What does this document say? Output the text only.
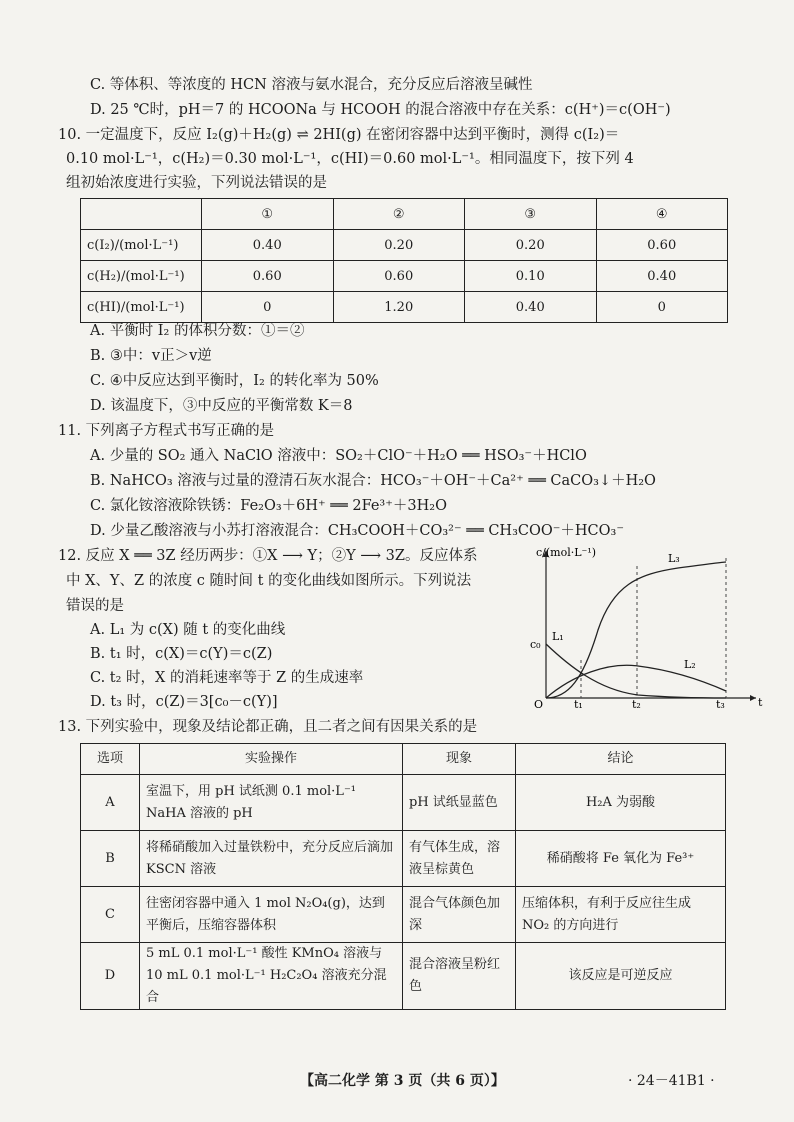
C. 等体积、等浓度的 HCN 溶液与氨水混合，充分反应后溶液呈碱性
D. 25 ℃时，pH＝7 的 HCOONa 与 HCOOH 的混合溶液中存在关系：c(H⁺)＝c(OH⁻)
10. 一定温度下，反应 I₂(g)＋H₂(g) ⇌ 2HI(g) 在密闭容器中达到平衡时，测得 c(I₂)＝
0.10 mol·L⁻¹，c(H₂)＝0.30 mol·L⁻¹，c(HI)＝0.60 mol·L⁻¹。相同温度下，按下列 4
组初始浓度进行实验，下列说法错误的是
	①	②	③	④
c(I₂)/(mol·L⁻¹)	0.40	0.20	0.20	0.60
c(H₂)/(mol·L⁻¹)	0.60	0.60	0.10	0.40
c(HI)/(mol·L⁻¹)	0	1.20	0.40	0
A. 平衡时 I₂ 的体积分数：①＝②
B. ③中：v正＞v逆
C. ④中反应达到平衡时，I₂ 的转化率为 50%
D. 该温度下，③中反应的平衡常数 K＝8
11. 下列离子方程式书写正确的是
A. 少量的 SO₂ 通入 NaClO 溶液中：SO₂＋ClO⁻＋H₂O ══ HSO₃⁻＋HClO
B. NaHCO₃ 溶液与过量的澄清石灰水混合：HCO₃⁻＋OH⁻＋Ca²⁺ ══ CaCO₃↓＋H₂O
C. 氯化铵溶液除铁锈：Fe₂O₃＋6H⁺ ══ 2Fe³⁺＋3H₂O
D. 少量乙酸溶液与小苏打溶液混合：CH₃COOH＋CO₃²⁻ ══ CH₃COO⁻＋HCO₃⁻
12. 反应 X ══ 3Z 经历两步：①X ⟶ Y；②Y ⟶ 3Z。反应体系
中 X、Y、Z 的浓度 c 随时间 t 的变化曲线如图所示。下列说法
错误的是
A. L₁ 为 c(X) 随 t 的变化曲线
B. t₁ 时，c(X)＝c(Y)＝c(Z)
C. t₂ 时，X 的消耗速率等于 Z 的生成速率
D. t₃ 时，c(Z)＝3[c₀－c(Y)]
c/(mol·L⁻¹)
t
O
c₀
t₁	t₂	t₃
L₁
L₂
L₃
13. 下列实验中，现象及结论都正确，且二者之间有因果关系的是
选项	实验操作	现象	结论
A	室温下，用 pH 试纸测 0.1 mol·L⁻¹ NaHA 溶液的 pH	pH 试纸显蓝色	H₂A 为弱酸
B	将稀硝酸加入过量铁粉中，充分反应后滴加 KSCN 溶液	有气体生成，溶液呈棕黄色	稀硝酸将 Fe 氧化为 Fe³⁺
C	往密闭容器中通入 1 mol N₂O₄(g)，达到平衡后，压缩容器体积	混合气体颜色加深	压缩体积，有利于反应往生成 NO₂ 的方向进行
D	5 mL 0.1 mol·L⁻¹ 酸性 KMnO₄ 溶液与 10 mL 0.1 mol·L⁻¹ H₂C₂O₄ 溶液充分混合	混合溶液呈粉红色	该反应是可逆反应
【高二化学 第 3 页（共 6 页）】	· 24－41B1 ·
